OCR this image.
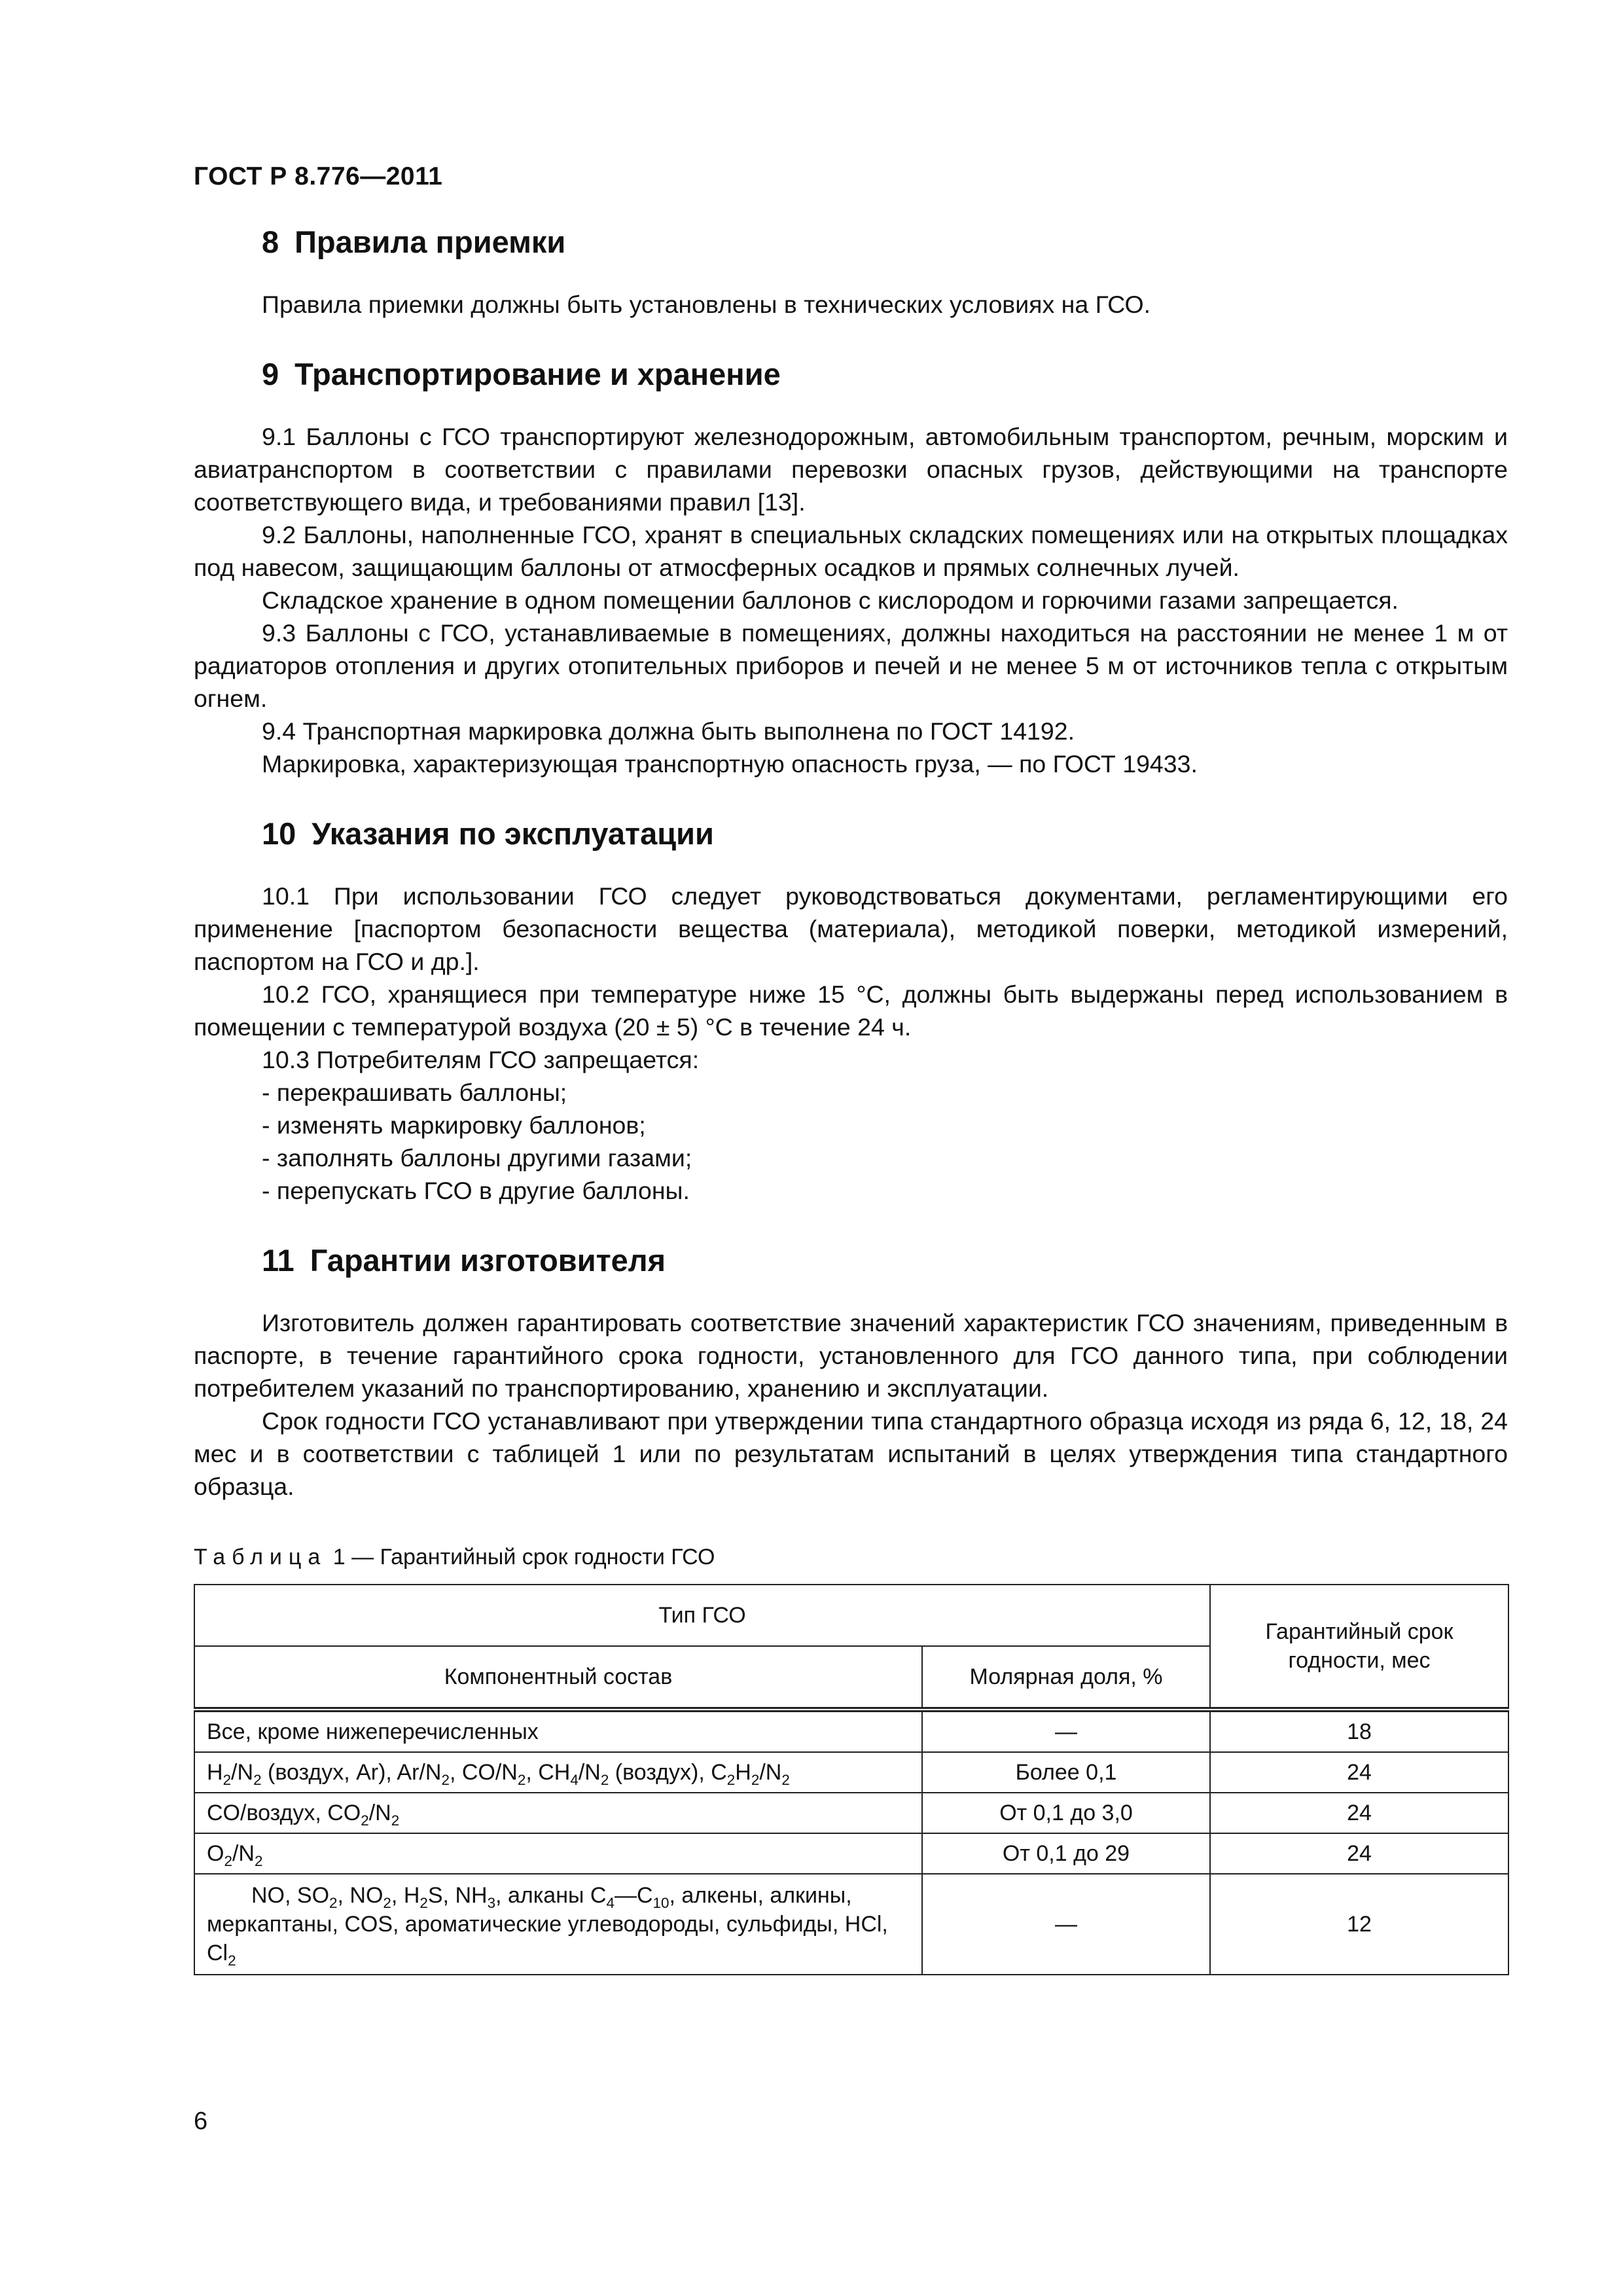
ГОСТ Р 8.776—2011
8 Правила приемки

Правила приемки должны быть установлены в технических условиях на ГСО.

9 Транспортирование и хранение

9.1 Баллоны с ГСО транспортируют железнодорожным, автомобильным транспортом, речным, морским и авиатранспортом в соответствии с правилами перевозки опасных грузов, действующими на транспорте соответствующего вида, и требованиями правил [13].

9.2 Баллоны, наполненные ГСО, хранят в специальных складских помещениях или на открытых площадках под навесом, защищающим баллоны от атмосферных осадков и прямых солнечных лучей.

Складское хранение в одном помещении баллонов с кислородом и горючими газами запрещается.

9.3 Баллоны с ГСО, устанавливаемые в помещениях, должны находиться на расстоянии не менее 1 м от радиаторов отопления и других отопительных приборов и печей и не менее 5 м от источников тепла с открытым огнем.

9.4 Транспортная маркировка должна быть выполнена по ГОСТ 14192.

Маркировка, характеризующая транспортную опасность груза, — по ГОСТ 19433.

10 Указания по эксплуатации

10.1 При использовании ГСО следует руководствоваться документами, регламентирующими его применение [паспортом безопасности вещества (материала), методикой поверки, методикой измерений, паспортом на ГСО и др.].

10.2 ГСО, хранящиеся при температуре ниже 15 °C, должны быть выдержаны перед использованием в помещении с температурой воздуха (20 ± 5) °C в течение 24 ч.

10.3 Потребителям ГСО запрещается:

- перекрашивать баллоны;

- изменять маркировку баллонов;

- заполнять баллоны другими газами;

- перепускать ГСО в другие баллоны.

11 Гарантии изготовителя

Изготовитель должен гарантировать соответствие значений характеристик ГСО значениям, приведенным в паспорте, в течение гарантийного срока годности, установленного для ГСО данного типа, при соблюдении потребителем указаний по транспортированию, хранению и эксплуатации.

Срок годности ГСО устанавливают при утверждении типа стандартного образца исходя из ряда 6, 12, 18, 24 мес и в соответствии с таблицей 1 или по результатам испытаний в целях утверждения типа стандартного образца.

Таблица 1 — Гарантийный срок годности ГСО
Тип ГСО		Гарантийный срок годности, мес
Компонентный состав	Молярная доля, %	
Все, кроме нижеперечисленных	—	18
$H_2/N_2$ (воздух, Ar), $Ar/N_2$, $CO/N_2$, $CH_4/N_2$ (воздух), $C_2H_2/N_2$	Более 0,1	24
CO/воздух, $CO_2/N_2$	От 0,1 до 3,0	24
$O_2/N_2$	От 0,1 до 29	24
NO, $SO_2$, $NO_2$, $H_2S$, $NH_3$, алканы $C_4—C_{10}$, алкены, алкины, меркаптаны, COS, ароматические углеводороды, сульфиды, HCl, $Cl_2$	—	12
6
